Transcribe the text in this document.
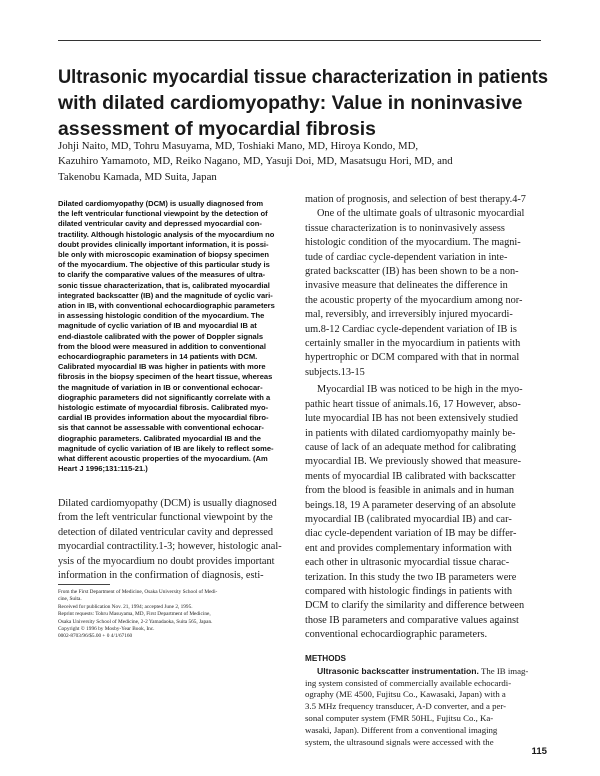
Ultrasonic myocardial tissue characterization in patients
with dilated cardiomyopathy: Value in noninvasive
assessment of myocardial fibrosis
Johji Naito, MD, Tohru Masuyama, MD, Toshiaki Mano, MD, Hiroya Kondo, MD,
Kazuhiro Yamamoto, MD, Reiko Nagano, MD, Yasuji Doi, MD, Masatsugu Hori, MD, and
Takenobu Kamada, MD Suita, Japan
Dilated cardiomyopathy (DCM) is usually diagnosed from
the left ventricular functional viewpoint by the detection of
dilated ventricular cavity and depressed myocardial con-
tractility. Although histologic analysis of the myocardium no
doubt provides clinically important information, it is possi-
ble only with microscopic examination of biopsy specimen
of the myocardium. The objective of this particular study is
to clarify the comparative values of the measures of ultra-
sonic tissue characterization, that is, calibrated myocardial
integrated backscatter (IB) and the magnitude of cyclic vari-
ation in IB, with conventional echocardiographic parameters
in assessing histologic condition of the myocardium. The
magnitude of cyclic variation of IB and myocardial IB at
end-diastole calibrated with the power of Doppler signals
from the blood were measured in addition to conventional
echocardiographic parameters in 14 patients with DCM.
Calibrated myocardial IB was higher in patients with more
fibrosis in the biopsy specimen of the heart tissue, whereas
the magnitude of variation in IB or conventional echocar-
diographic parameters did not significantly correlate with a
histologic estimate of myocardial fibrosis. Calibrated myo-
cardial IB provides information about the myocardial fibro-
sis that cannot be assessable with conventional echocar-
diographic parameters. Calibrated myocardial IB and the
magnitude of cyclic variation of IB are likely to reflect some-
what different acoustic properties of the myocardium. (Am
Heart J 1996;131:115-21.)
Dilated cardiomyopathy (DCM) is usually diagnosed
from the left ventricular functional viewpoint by the
detection of dilated ventricular cavity and depressed
myocardial contractility.1-3; however, histologic anal-
ysis of the myocardium no doubt provides important
information in the confirmation of diagnosis, esti-
From the First Department of Medicine, Osaka University School of Medi-
cine, Suita.
Received for publication Nov. 21, 1994; accepted June 2, 1995.
Reprint requests: Tohru Masuyama, MD, First Department of Medicine,
Osaka University School of Medicine, 2-2 Yamadaoka, Suita 565, Japan.
Copyright © 1996 by Mosby-Year Book, Inc.
0002-8703/96/$5.00 + 0 4/1/67160
mation of prognosis, and selection of best therapy.4-7
One of the ultimate goals of ultrasonic myocardial
tissue characterization is to noninvasively assess
histologic condition of the myocardium. The magni-
tude of cardiac cycle-dependent variation in inte-
grated backscatter (IB) has been shown to be a non-
invasive measure that delineates the difference in
the acoustic property of the myocardium among nor-
mal, reversibly, and irreversibly injured myocardi-
um.8-12 Cardiac cycle-dependent variation of IB is
certainly smaller in the myocardium in patients with
hypertrophic or DCM compared with that in normal
subjects.13-15
Myocardial IB was noticed to be high in the myo-
pathic heart tissue of animals.16, 17 However, abso-
lute myocardial IB has not been extensively studied
in patients with dilated cardiomyopathy mainly be-
cause of lack of an adequate method for calibrating
myocardial IB. We previously showed that measure-
ments of myocardial IB calibrated with backscatter
from the blood is feasible in animals and in human
beings.18, 19 A parameter deserving of an absolute
myocardial IB (calibrated myocardial IB) and car-
diac cycle-dependent variation of IB may be differ-
ent and provides complementary information with
each other in ultrasonic myocardial tissue charac-
terization. In this study the two IB parameters were
compared with histologic findings in patients with
DCM to clarify the similarity and difference between
those IB parameters and comparative values against
conventional echocardiographic parameters.
METHODS
Ultrasonic backscatter instrumentation. The IB imag-
ing system consisted of commercially available echocardi-
ography (ME 4500, Fujitsu Co., Kawasaki, Japan) with a
3.5 MHz frequency transducer, A-D converter, and a per-
sonal computer system (FMR 50HL, Fujitsu Co., Ka-
wasaki, Japan). Different from a conventional imaging
system, the ultrasound signals were accessed with the
115
